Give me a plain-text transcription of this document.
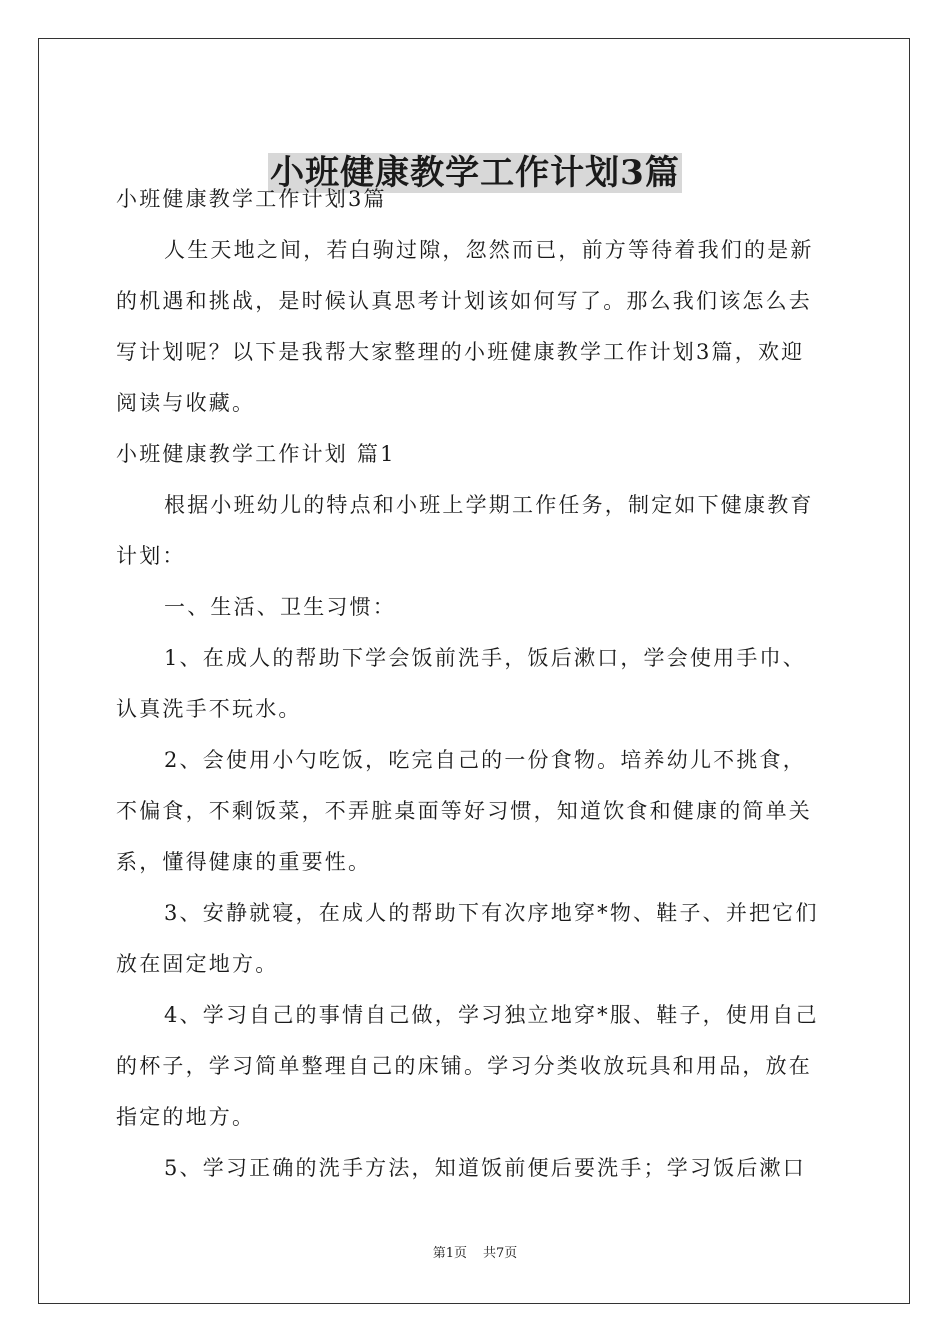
小班健康教学工作计划3篇

小班健康教学工作计划3篇

人生天地之间，若白驹过隙，忽然而已，前方等待着我们的是新

的机遇和挑战，是时候认真思考计划该如何写了。那么我们该怎么去

写计划呢？以下是我帮大家整理的小班健康教学工作计划3篇，欢迎

阅读与收藏。

小班健康教学工作计划 篇1

根据小班幼儿的特点和小班上学期工作任务，制定如下健康教育

计划：

一、生活、卫生习惯：

1、在成人的帮助下学会饭前洗手，饭后漱口，学会使用手巾、

认真洗手不玩水。

2、会使用小勺吃饭，吃完自己的一份食物。培养幼儿不挑食，

不偏食，不剩饭菜，不弄脏桌面等好习惯，知道饮食和健康的简单关

系，懂得健康的重要性。

3、安静就寝，在成人的帮助下有次序地穿*物、鞋子、并把它们

放在固定地方。

4、学习自己的事情自己做，学习独立地穿*服、鞋子，使用自己

的杯子，学习简单整理自己的床铺。学习分类收放玩具和用品，放在

指定的地方。

5、学习正确的洗手方法，知道饭前便后要洗手；学习饭后漱口

第1页 共7页
